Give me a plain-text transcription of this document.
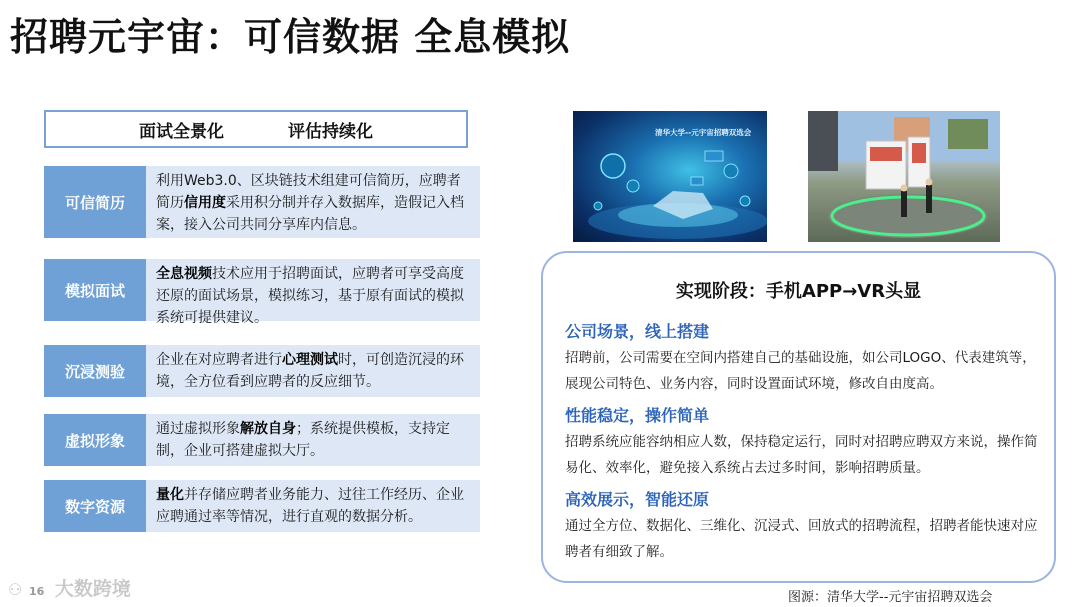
招聘元宇宙：可信数据 全息模拟
面试全景化	评估持续化
可信简历
利用Web3.0、区块链技术组建可信简历，应聘者简历信用度采用积分制并存入数据库，造假记入档案，接入公司共同分享库内信息。
模拟面试
全息视频技术应用于招聘面试，应聘者可享受高度还原的面试场景，模拟练习，基于原有面试的模拟系统可提供建议。
沉浸测验
企业在对应聘者进行心理测试时，可创造沉浸的环境，全方位看到应聘者的反应细节。
虚拟形象
通过虚拟形象解放自身；系统提供模板，支持定制，企业可搭建虚拟大厅。
数字资源
量化并存储应聘者业务能力、过往工作经历、企业应聘通过率等情况，进行直观的数据分析。
清华大学--元宇宙招聘双选会
实现阶段：手机APP→VR头显
公司场景，线上搭建
招聘前，公司需要在空间内搭建自己的基础设施，如公司LOGO、代表建筑等，展现公司特色、业务内容，同时设置面试环境，修改自由度高。
性能稳定，操作简单
招聘系统应能容纳相应人数，保持稳定运行，同时对招聘应聘双方来说，操作简易化、效率化，避免接入系统占去过多时间，影响招聘质量。
高效展示，智能还原
通过全方位、数据化、三维化、沉浸式、回放式的招聘流程，招聘者能快速对应聘者有细致了解。
图源：清华大学--元宇宙招聘双选会
⚇ 16 大数跨境
